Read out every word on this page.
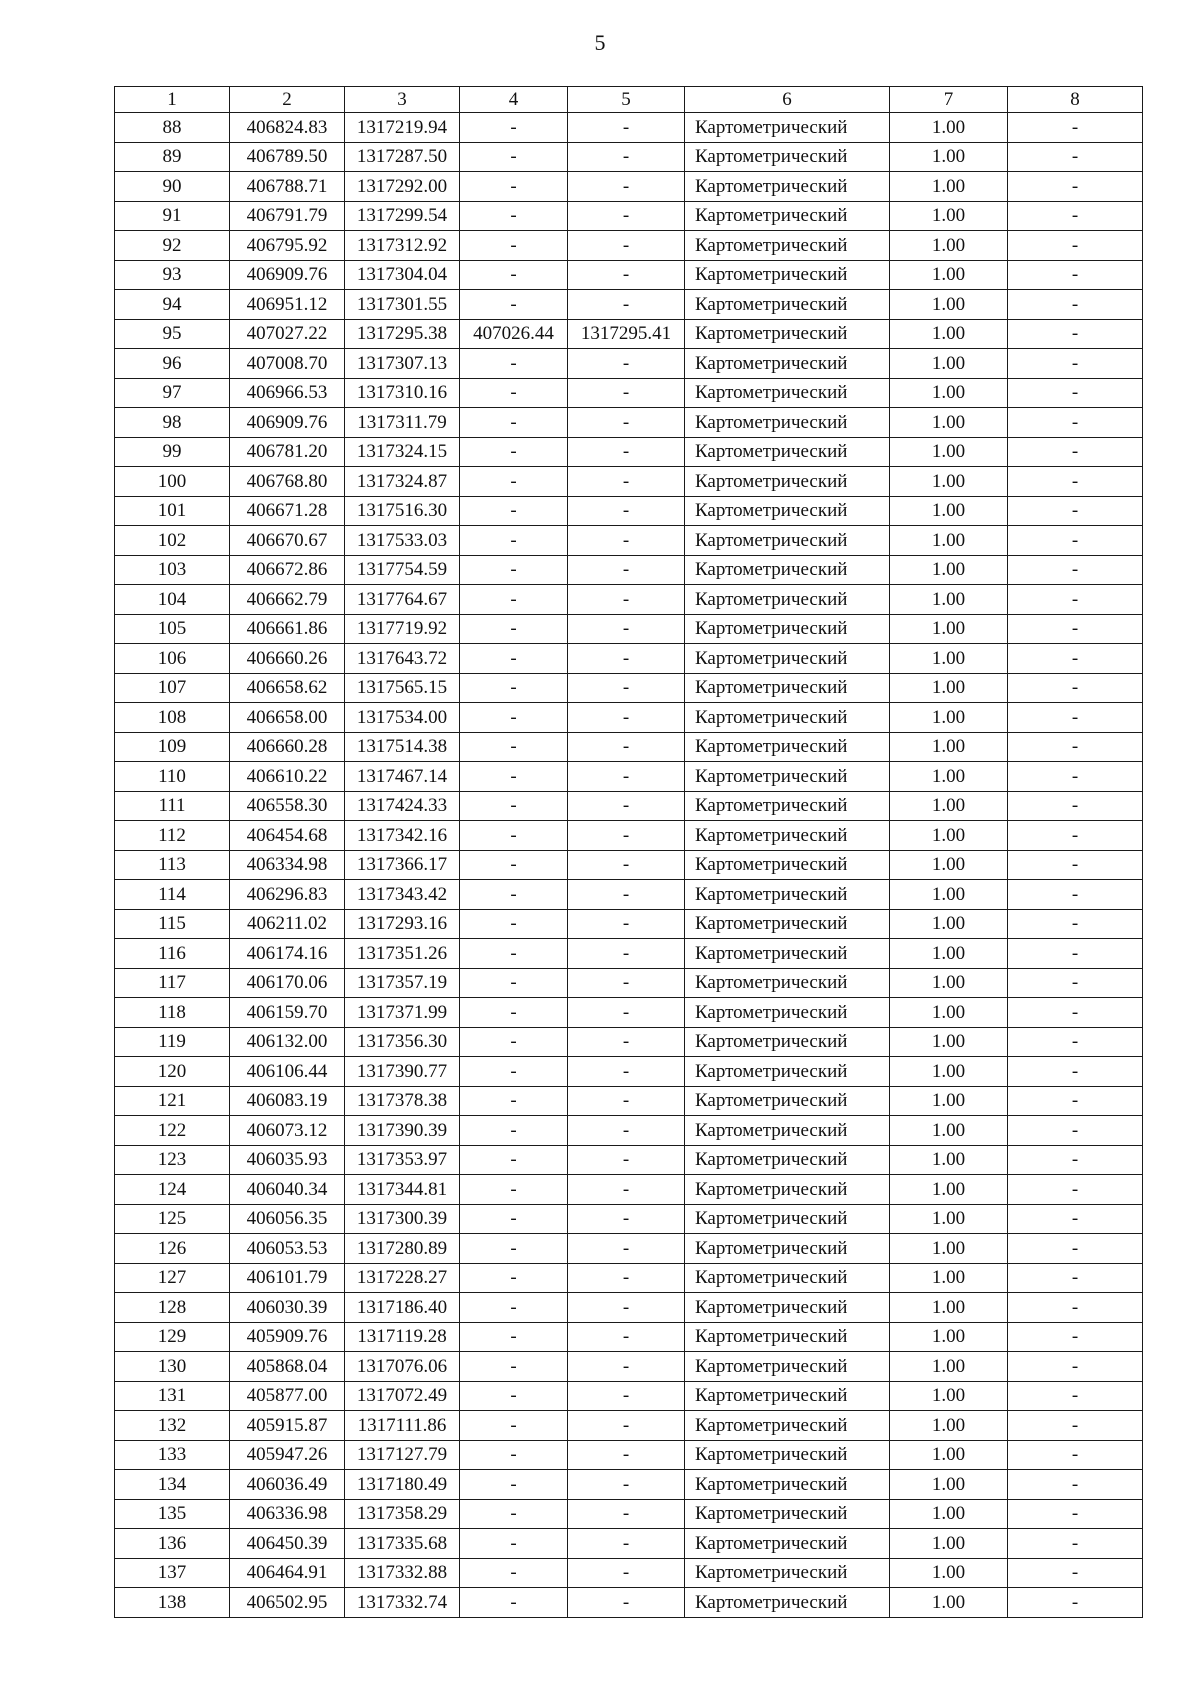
5
1	2	3	4	5	6	7	8
88	406824.83	1317219.94	-	-	Картометрический	1.00	-
89	406789.50	1317287.50	-	-	Картометрический	1.00	-
90	406788.71	1317292.00	-	-	Картометрический	1.00	-
91	406791.79	1317299.54	-	-	Картометрический	1.00	-
92	406795.92	1317312.92	-	-	Картометрический	1.00	-
93	406909.76	1317304.04	-	-	Картометрический	1.00	-
94	406951.12	1317301.55	-	-	Картометрический	1.00	-
95	407027.22	1317295.38	407026.44	1317295.41	Картометрический	1.00	-
96	407008.70	1317307.13	-	-	Картометрический	1.00	-
97	406966.53	1317310.16	-	-	Картометрический	1.00	-
98	406909.76	1317311.79	-	-	Картометрический	1.00	-
99	406781.20	1317324.15	-	-	Картометрический	1.00	-
100	406768.80	1317324.87	-	-	Картометрический	1.00	-
101	406671.28	1317516.30	-	-	Картометрический	1.00	-
102	406670.67	1317533.03	-	-	Картометрический	1.00	-
103	406672.86	1317754.59	-	-	Картометрический	1.00	-
104	406662.79	1317764.67	-	-	Картометрический	1.00	-
105	406661.86	1317719.92	-	-	Картометрический	1.00	-
106	406660.26	1317643.72	-	-	Картометрический	1.00	-
107	406658.62	1317565.15	-	-	Картометрический	1.00	-
108	406658.00	1317534.00	-	-	Картометрический	1.00	-
109	406660.28	1317514.38	-	-	Картометрический	1.00	-
110	406610.22	1317467.14	-	-	Картометрический	1.00	-
111	406558.30	1317424.33	-	-	Картометрический	1.00	-
112	406454.68	1317342.16	-	-	Картометрический	1.00	-
113	406334.98	1317366.17	-	-	Картометрический	1.00	-
114	406296.83	1317343.42	-	-	Картометрический	1.00	-
115	406211.02	1317293.16	-	-	Картометрический	1.00	-
116	406174.16	1317351.26	-	-	Картометрический	1.00	-
117	406170.06	1317357.19	-	-	Картометрический	1.00	-
118	406159.70	1317371.99	-	-	Картометрический	1.00	-
119	406132.00	1317356.30	-	-	Картометрический	1.00	-
120	406106.44	1317390.77	-	-	Картометрический	1.00	-
121	406083.19	1317378.38	-	-	Картометрический	1.00	-
122	406073.12	1317390.39	-	-	Картометрический	1.00	-
123	406035.93	1317353.97	-	-	Картометрический	1.00	-
124	406040.34	1317344.81	-	-	Картометрический	1.00	-
125	406056.35	1317300.39	-	-	Картометрический	1.00	-
126	406053.53	1317280.89	-	-	Картометрический	1.00	-
127	406101.79	1317228.27	-	-	Картометрический	1.00	-
128	406030.39	1317186.40	-	-	Картометрический	1.00	-
129	405909.76	1317119.28	-	-	Картометрический	1.00	-
130	405868.04	1317076.06	-	-	Картометрический	1.00	-
131	405877.00	1317072.49	-	-	Картометрический	1.00	-
132	405915.87	1317111.86	-	-	Картометрический	1.00	-
133	405947.26	1317127.79	-	-	Картометрический	1.00	-
134	406036.49	1317180.49	-	-	Картометрический	1.00	-
135	406336.98	1317358.29	-	-	Картометрический	1.00	-
136	406450.39	1317335.68	-	-	Картометрический	1.00	-
137	406464.91	1317332.88	-	-	Картометрический	1.00	-
138	406502.95	1317332.74	-	-	Картометрический	1.00	-
